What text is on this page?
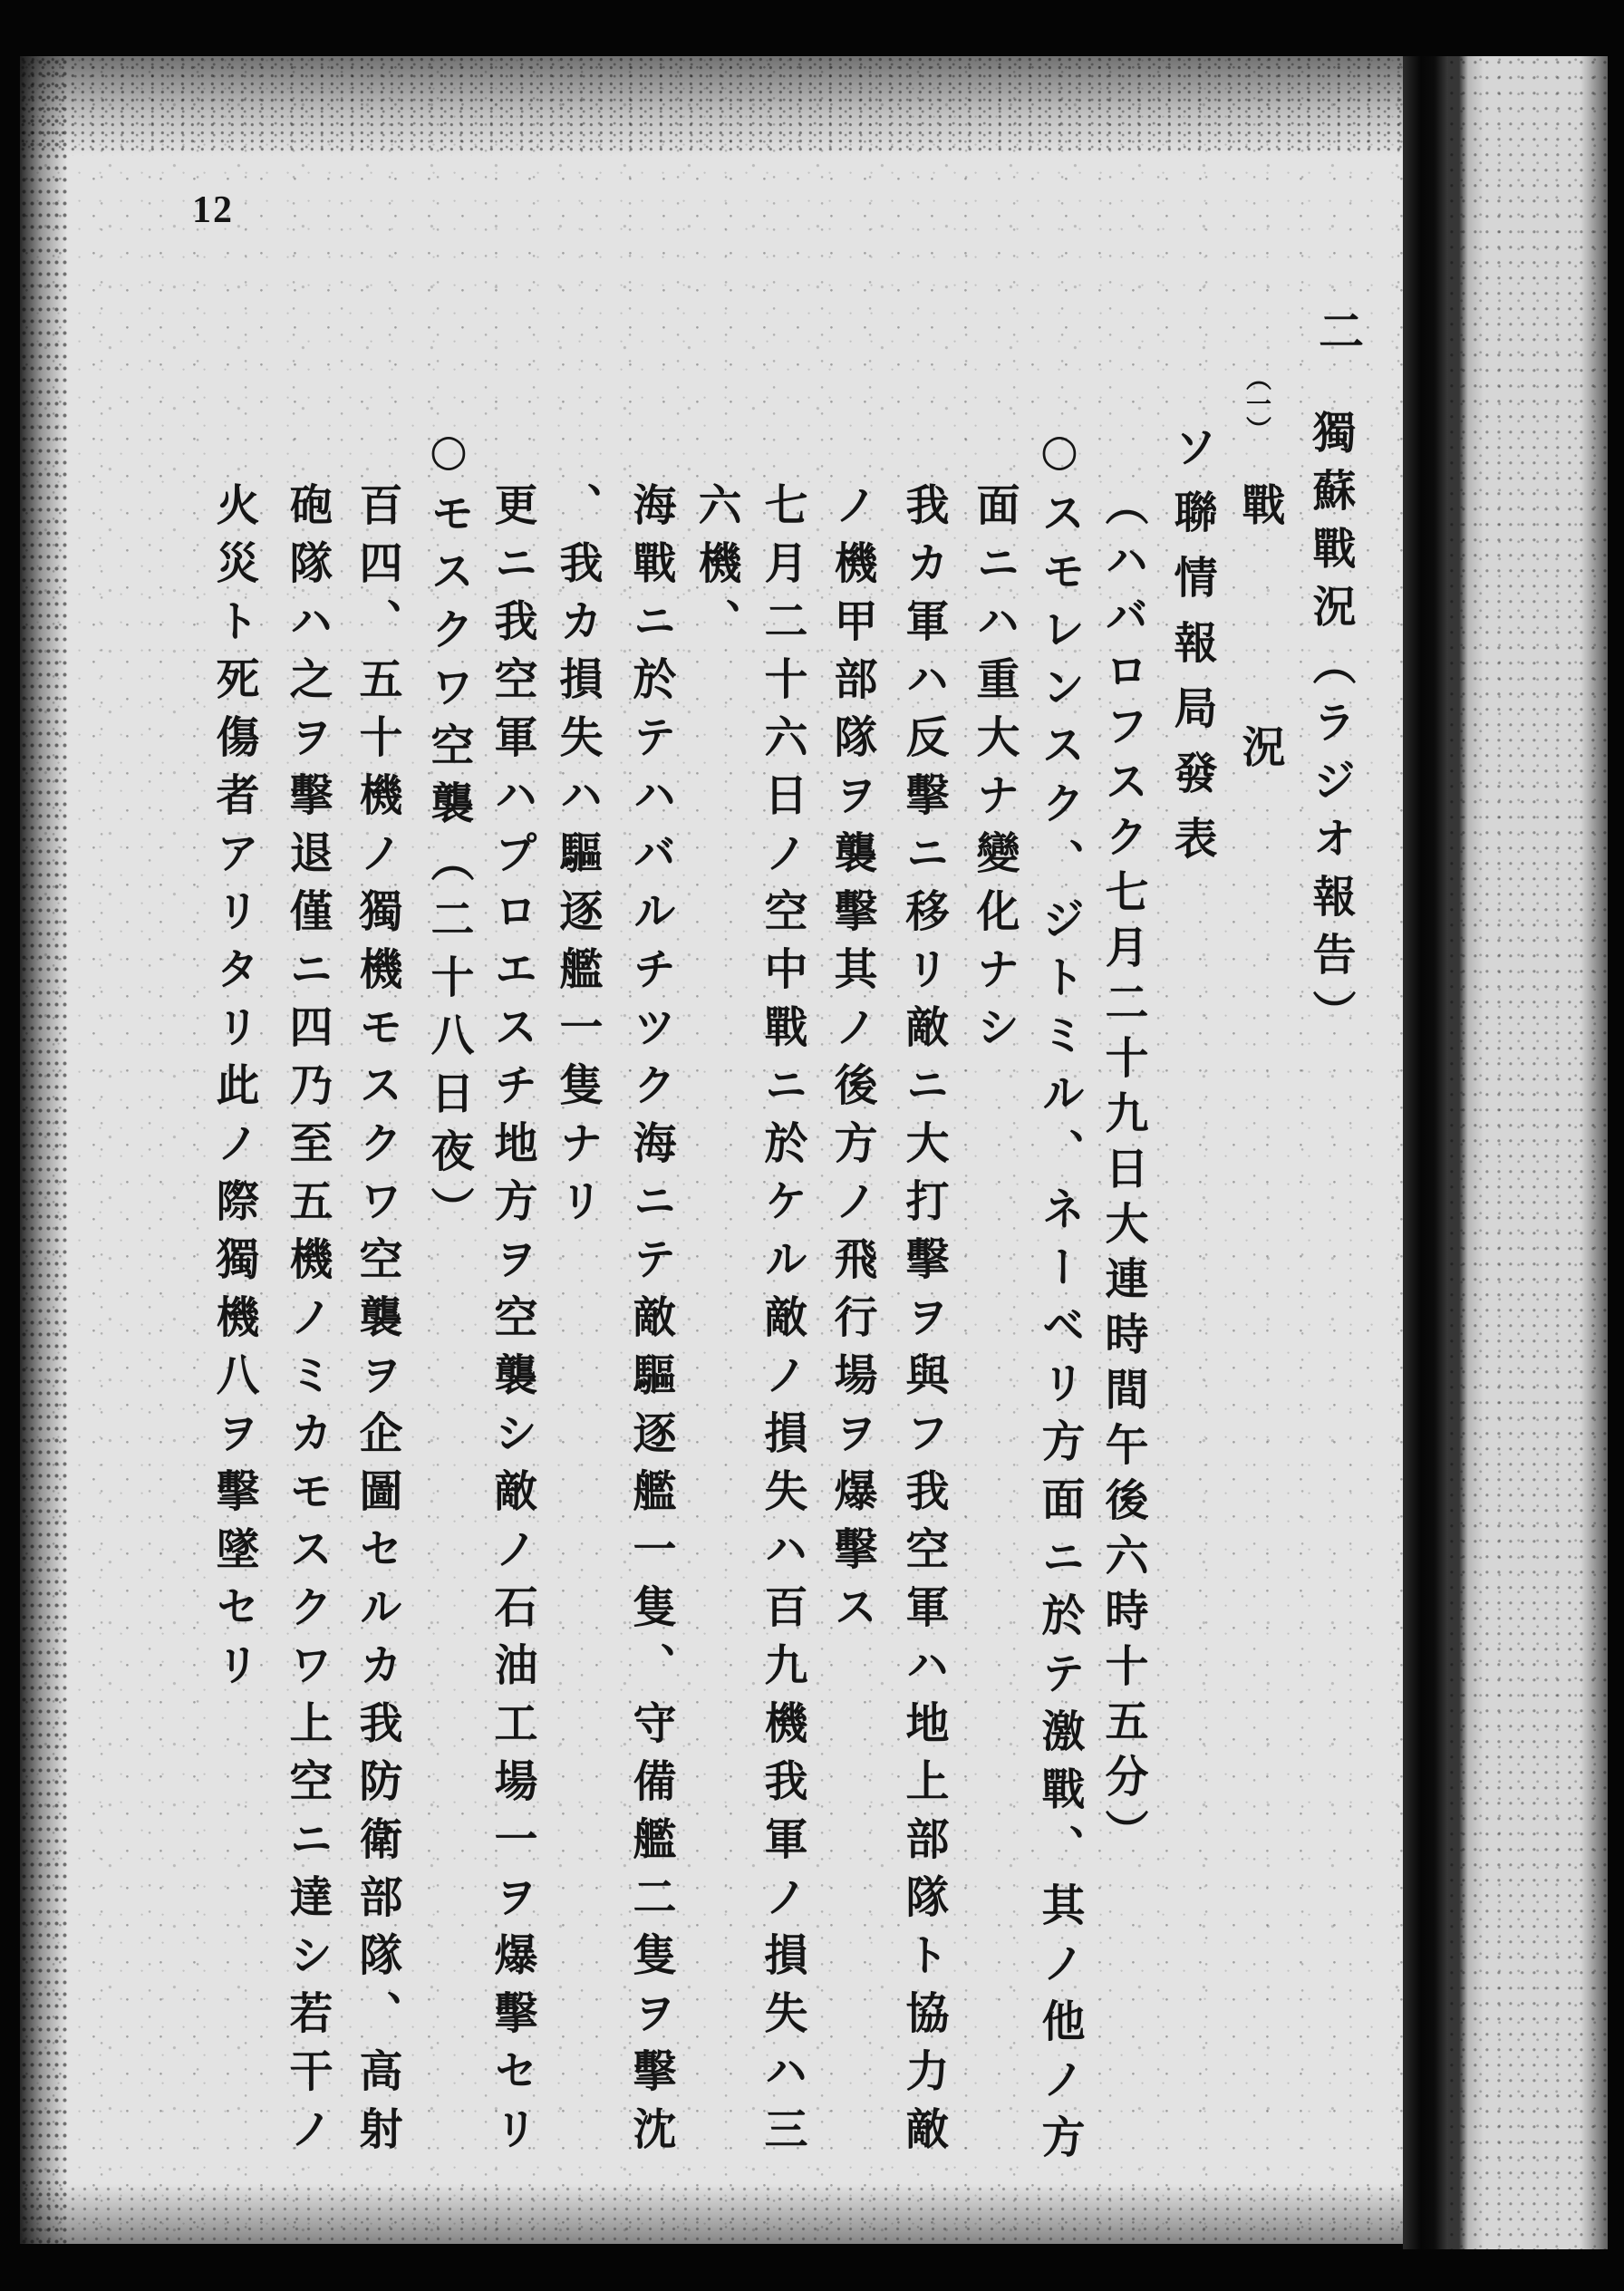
12
二
獨蘇戰況（ラジオ報告）
（一）
戰況
ソ聯情報局發表
（ハバロフスク七月二十九日大連時間午後六時十五分）
○スモレンスク、ジトミル、ネーベリ方面ニ於テ激戰、其ノ他ノ方
面ニハ重大ナ變化ナシ
我カ軍ハ反擊ニ移リ敵ニ大打擊ヲ與フ我空軍ハ地上部隊ト協力敵
ノ機甲部隊ヲ襲擊其ノ後方ノ飛行場ヲ爆擊ス
七月二十六日ノ空中戰ニ於ケル敵ノ損失ハ百九機我軍ノ損失ハ三
六機、
海戰ニ於テハバルチツク海ニテ敵驅逐艦一隻、守備艦二隻ヲ擊沈
、我カ損失ハ驅逐艦一隻ナリ
更ニ我空軍ハプロエスチ地方ヲ空襲シ敵ノ石油工場一ヲ爆擊セリ
○モスクワ空襲（二十八日夜）
百四、五十機ノ獨機モスクワ空襲ヲ企圖セルカ我防衛部隊、高射
砲隊ハ之ヲ擊退僅ニ四乃至五機ノミカモスクワ上空ニ達シ若干ノ
火災ト死傷者アリタリ此ノ際獨機八ヲ擊墜セリ
